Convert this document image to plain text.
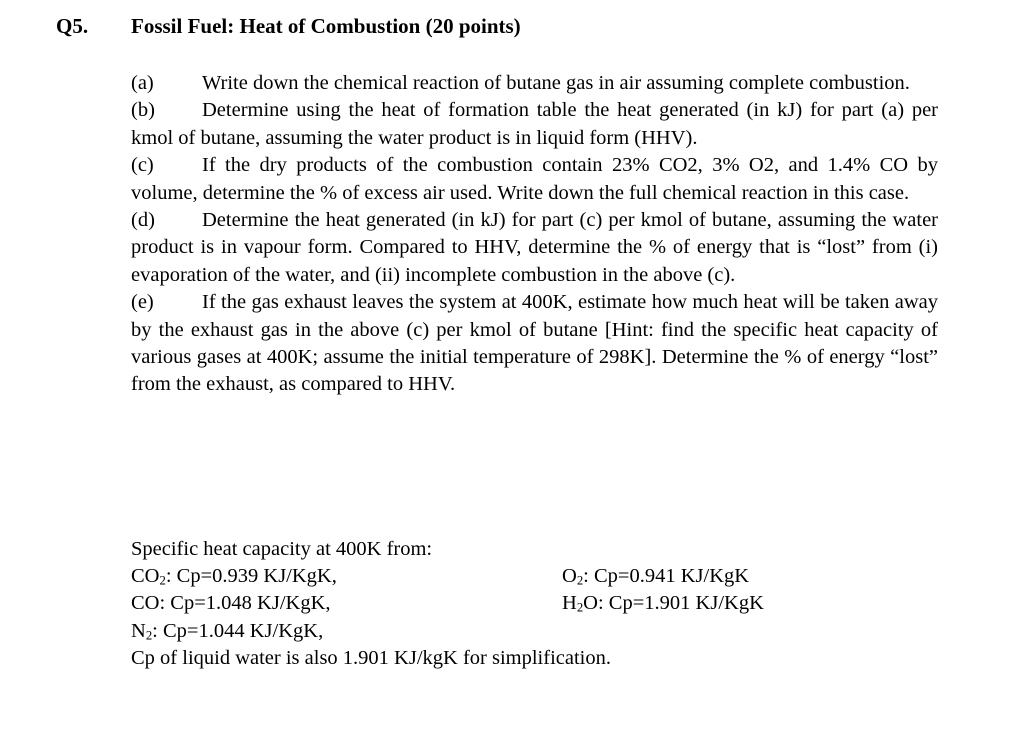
Q5. Fossil Fuel: Heat of Combustion (20 points)
(a) Write down the chemical reaction of butane gas in air assuming complete combustion.
(b) Determine using the heat of formation table the heat generated (in kJ) for part (a) per kmol of butane, assuming the water product is in liquid form (HHV).
(c) If the dry products of the combustion contain 23% CO2, 3% O2, and 1.4% CO by volume, determine the % of excess air used. Write down the full chemical reaction in this case.
(d) Determine the heat generated (in kJ) for part (c) per kmol of butane, assuming the water product is in vapour form. Compared to HHV, determine the % of energy that is “lost” from (i) evaporation of the water, and (ii) incomplete combustion in the above (c).
(e) If the gas exhaust leaves the system at 400K, estimate how much heat will be taken away by the exhaust gas in the above (c) per kmol of butane [Hint: find the specific heat capacity of various gases at 400K; assume the initial temperature of 298K]. Determine the % of energy “lost” from the exhaust, as compared to HHV.
Specific heat capacity at 400K from:
$CO_2$: Cp=0.939 KJ/KgK,	$O_2$: Cp=0.941 KJ/KgK
CO: Cp=1.048 KJ/KgK,	$H_2O$: Cp=1.901 KJ/KgK
$N_2$: Cp=1.044 KJ/KgK,
Cp of liquid water is also 1.901 KJ/kgK for simplification.
